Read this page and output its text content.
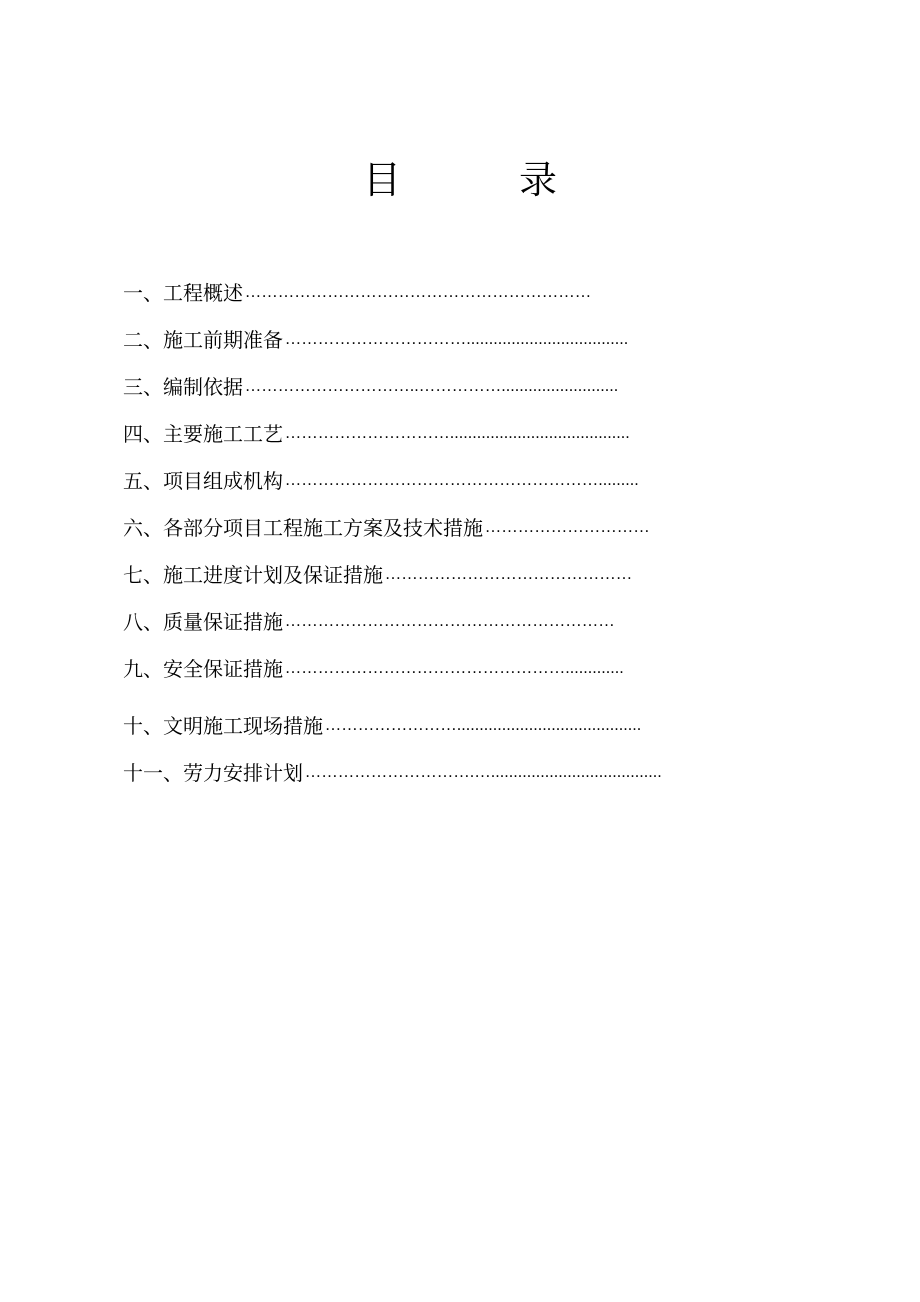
目	录
一、工程概述 ………………………………………………………
二、施工前期准备 ……………………………....................................
三、编制依据 …………………………..……………..........................
四、主要施工工艺 …………………………........................................
五、项目组成机构 ………………………………………………….........
六、各部分项目工程施工方案及技术措施 …………………………
七、施工进度计划及保证措施 ………………………………………
八、质量保证措施 ……………………………………………………
九、安全保证措施 …………………………………………….............
十、文明施工现场措施 …………………….........................................
十一、劳力安排计划 ………………………….…......................................
